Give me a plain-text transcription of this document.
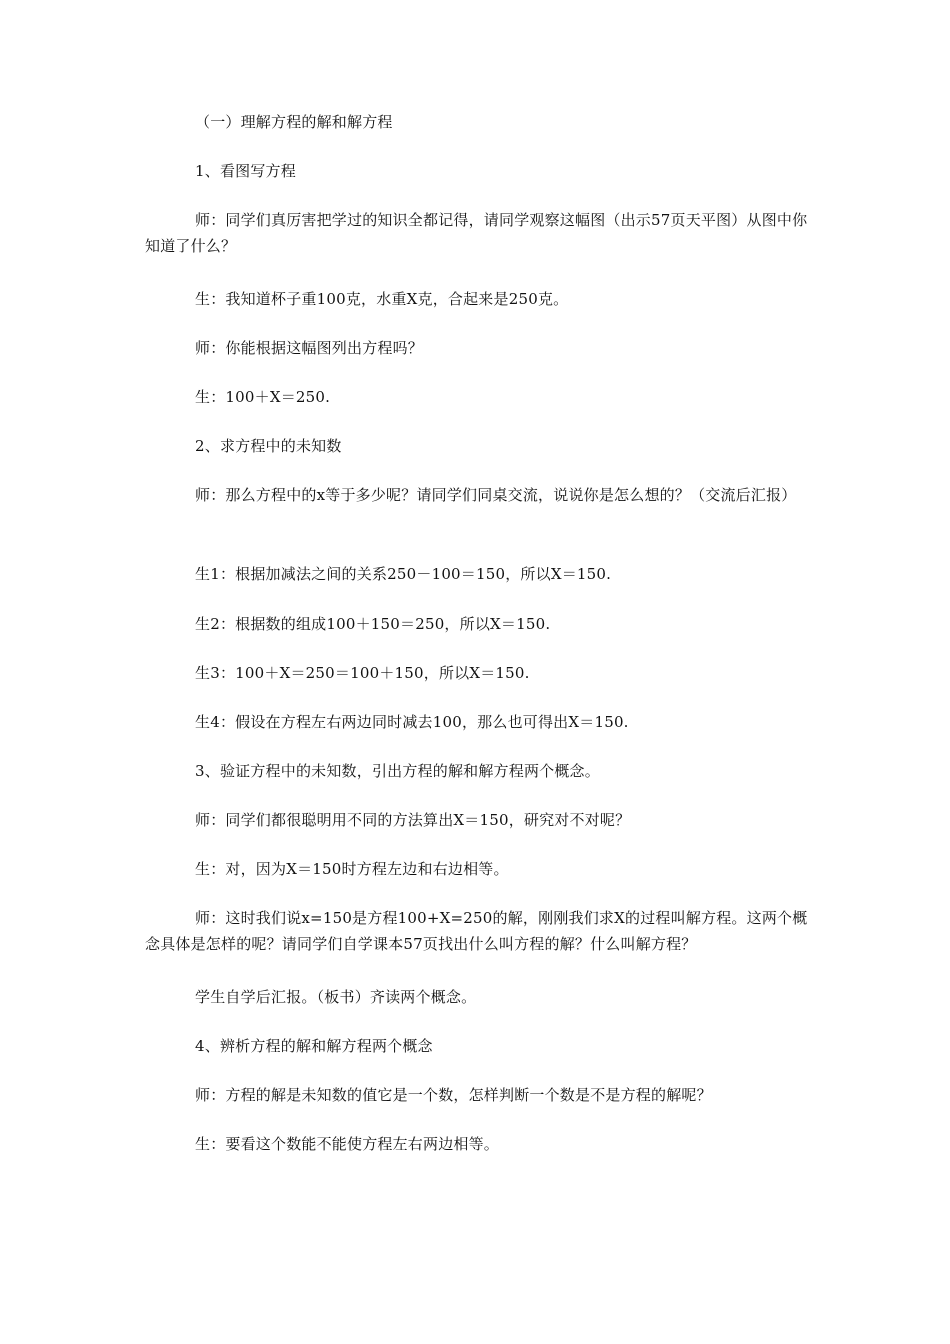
（一）理解方程的解和解方程

1、看图写方程

师：同学们真厉害把学过的知识全都记得，请同学观察这幅图（出示57页天平图）从图中你知道了什么？

生：我知道杯子重100克，水重X克，合起来是250克。

师：你能根据这幅图列出方程吗？

生：100＋X＝250.

2、求方程中的未知数

师：那么方程中的x等于多少呢？请同学们同桌交流，说说你是怎么想的？（交流后汇报）

生1：根据加减法之间的关系250－100＝150，所以X＝150.

生2：根据数的组成100＋150＝250，所以X＝150.

生3：100＋X＝250＝100＋150，所以X＝150.

生4：假设在方程左右两边同时减去100，那么也可得出X＝150.

3、验证方程中的未知数，引出方程的解和解方程两个概念。

师：同学们都很聪明用不同的方法算出X＝150，研究对不对呢？

生：对，因为X＝150时方程左边和右边相等。

师：这时我们说x=150是方程100+X=250的解，刚刚我们求X的过程叫解方程。这两个概念具体是怎样的呢？请同学们自学课本57页找出什么叫方程的解？什么叫解方程？

学生自学后汇报。（板书）齐读两个概念。

4、辨析方程的解和解方程两个概念

师：方程的解是未知数的值它是一个数，怎样判断一个数是不是方程的解呢？

生：要看这个数能不能使方程左右两边相等。
